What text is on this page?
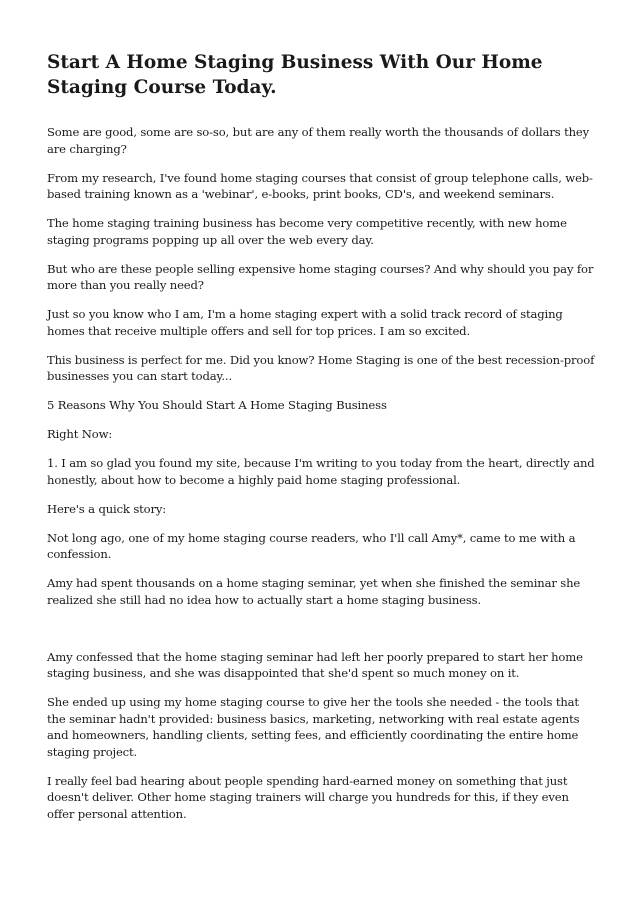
Start A Home Staging Business With Our Home Staging Course Today.

Some are good, some are so-so, but are any of them really worth the thousands of dollars they are charging?

From my research, I've found home staging courses that consist of group telephone calls, web-based training known as a 'webinar', e-books, print books, CD's, and weekend seminars.

The home staging training business has become very competitive recently, with new home staging programs popping up all over the web every day.

But who are these people selling expensive home staging courses? And why should you pay for more than you really need?

Just so you know who I am, I'm a home staging expert with a solid track record of staging homes that receive multiple offers and sell for top prices. I am so excited.

This business is perfect for me. Did you know? Home Staging is one of the best recession-proof businesses you can start today...

5 Reasons Why You Should Start A Home Staging Business

Right Now:

1. I am so glad you found my site, because I'm writing to you today from the heart, directly and honestly, about how to become a highly paid home staging professional.

Here's a quick story:

Not long ago, one of my home staging course readers, who I'll call Amy*, came to me with a confession.

Amy had spent thousands on a home staging seminar, yet when she finished the seminar she realized she still had no idea how to actually start a home staging business.

Amy confessed that the home staging seminar had left her poorly prepared to start her home staging business, and she was disappointed that she'd spent so much money on it.

She ended up using my home staging course to give her the tools she needed - the tools that the seminar hadn't provided: business basics, marketing, networking with real estate agents and homeowners, handling clients, setting fees, and efficiently coordinating the entire home staging project.

I really feel bad hearing about people spending hard-earned money on something that just doesn't deliver. Other home staging trainers will charge you hundreds for this, if they even offer personal attention.
